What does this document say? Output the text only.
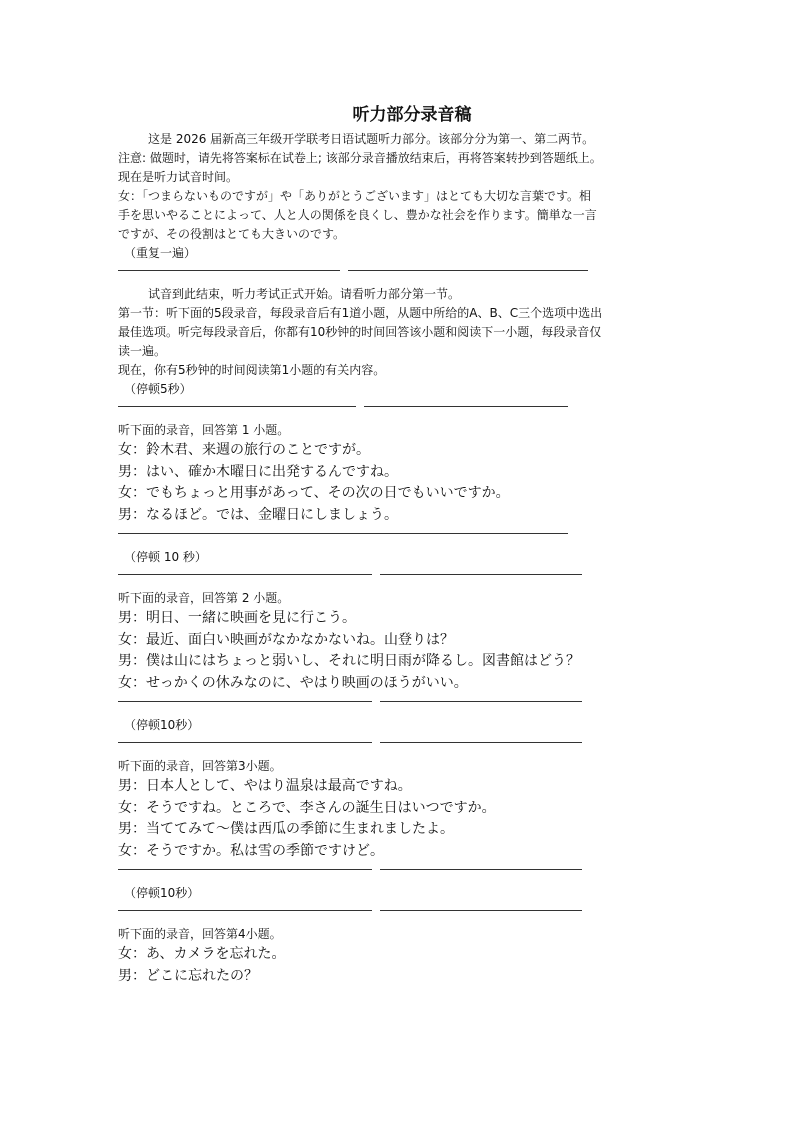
听力部分录音稿

这是 2026 届新高三年级开学联考日语试题听力部分。该部分分为第一、第二两节。

注意: 做题时，请先将答案标在试卷上; 该部分录音播放结束后，再将答案转抄到答题纸上。

现在是听力试音时间。

女：「つまらないものですが」や「ありがとうございます」はとても大切な言葉です。相

手を思いやることによって、人と人の関係を良くし、豊かな社会を作ります。簡単な一言

ですが、その役割はとても大きいのです。

（重复一遍）

试音到此结束，听力考试正式开始。请看听力部分第一节。

第一节：听下面的5段录音，每段录音后有1道小题，从题中所给的A、B、C三个选项中选出

最佳选项。听完每段录音后，你都有10秒钟的时间回答该小题和阅读下一小题，每段录音仅

读一遍。

现在，你有5秒钟的时间阅读第1小题的有关内容。

（停顿5秒）

听下面的录音，回答第 1 小题。

女：鈴木君、来週の旅行のことですが。

男：はい、確か木曜日に出発するんですね。

女：でもちょっと用事があって、その次の日でもいいですか。

男：なるほど。では、金曜日にしましょう。

（停顿 10 秒）

听下面的录音，回答第 2 小题。

男：明日、一緒に映画を見に行こう。

女：最近、面白い映画がなかなかないね。山登りは？

男：僕は山にはちょっと弱いし、それに明日雨が降るし。図書館はどう？

女：せっかくの休みなのに、やはり映画のほうがいい。

（停顿10秒）

听下面的录音，回答第3小题。

男：日本人として、やはり温泉は最高ですね。

女：そうですね。ところで、李さんの誕生日はいつですか。

男：当ててみて～僕は西瓜の季節に生まれましたよ。

女：そうですか。私は雪の季節ですけど。

（停顿10秒）

听下面的录音，回答第4小题。

女：あ、カメラを忘れた。

男：どこに忘れたの？
